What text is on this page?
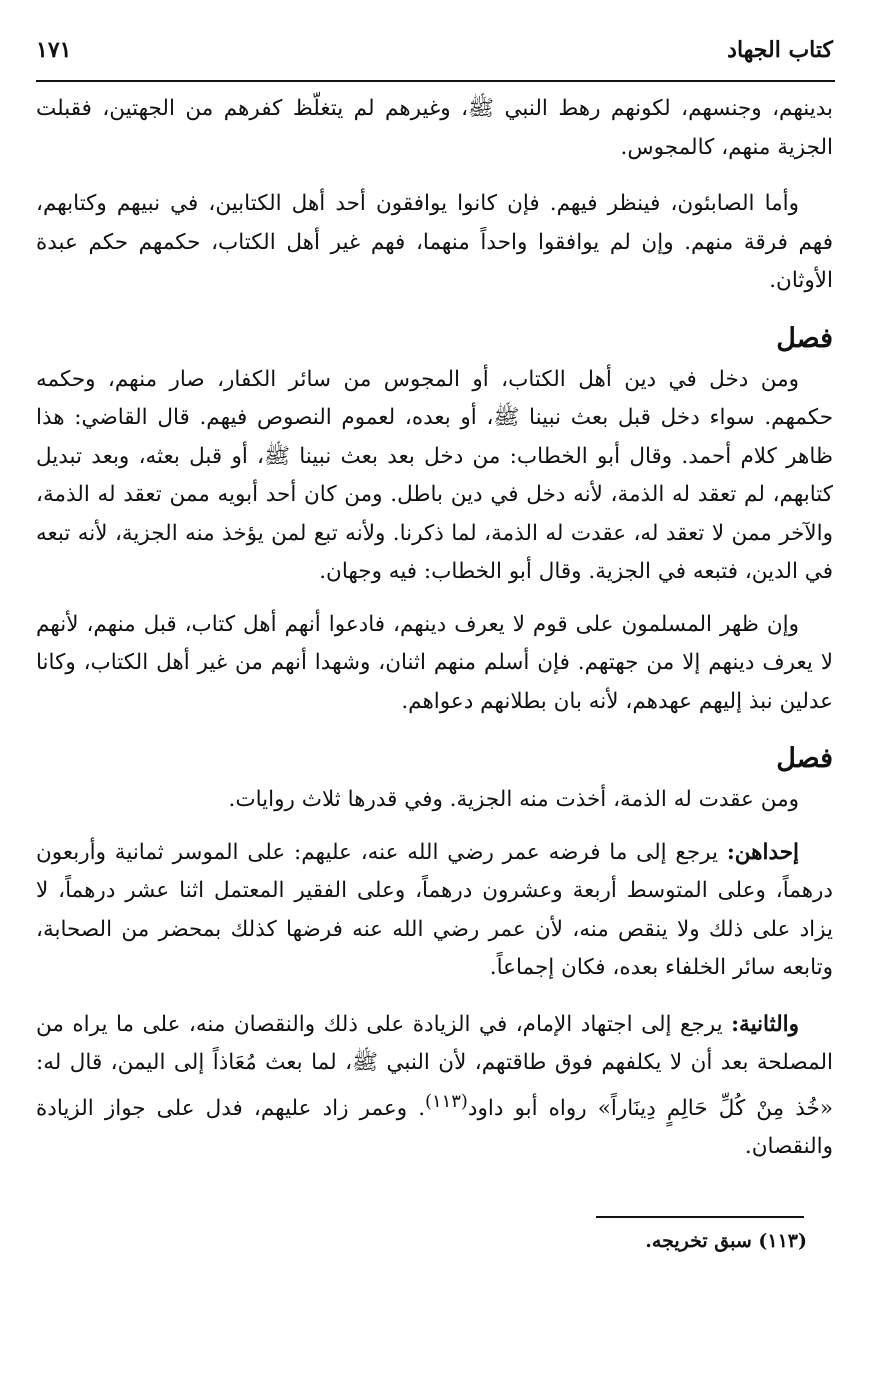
١٧١	كتاب الجهاد

بدينهم، وجنسهم، لكونهم رهط النبي ﷺ، وغيرهم لم يتغلّظ كفرهم من الجهتين، فقبلت الجزية منهم، كالمجوس.

وأما الصابئون، فينظر فيهم. فإن كانوا يوافقون أحد أهل الكتابين، في نبيهم وكتابهم، فهم فرقة منهم. وإن لم يوافقوا واحداً منهما، فهم غير أهل الكتاب، حكمهم حكم عبدة الأوثان.

فصل

ومن دخل في دين أهل الكتاب، أو المجوس من سائر الكفار، صار منهم، وحكمه حكمهم. سواء دخل قبل بعث نبينا ﷺ، أو بعده، لعموم النصوص فيهم. قال القاضي: هذا ظاهر كلام أحمد. وقال أبو الخطاب: من دخل بعد بعث نبينا ﷺ، أو قبل بعثه، وبعد تبديل كتابهم، لم تعقد له الذمة، لأنه دخل في دين باطل. ومن كان أحد أبويه ممن تعقد له الذمة، والآخر ممن لا تعقد له، عقدت له الذمة، لما ذكرنا. ولأنه تبع لمن يؤخذ منه الجزية، لأنه تبعه في الدين، فتبعه في الجزية. وقال أبو الخطاب: فيه وجهان.

وإن ظهر المسلمون على قوم لا يعرف دينهم، فادعوا أنهم أهل كتاب، قبل منهم، لأنهم لا يعرف دينهم إلا من جهتهم. فإن أسلم منهم اثنان، وشهدا أنهم من غير أهل الكتاب، وكانا عدلين نبذ إليهم عهدهم، لأنه بان بطلانهم دعواهم.

فصل

ومن عقدت له الذمة، أخذت منه الجزية. وفي قدرها ثلاث روايات.

إحداهن: يرجع إلى ما فرضه عمر رضي الله عنه، عليهم: على الموسر ثمانية وأربعون درهماً، وعلى المتوسط أربعة وعشرون درهماً، وعلى الفقير المعتمل اثنا عشر درهماً، لا يزاد على ذلك ولا ينقص منه، لأن عمر رضي الله عنه فرضها كذلك بمحضر من الصحابة، وتابعه سائر الخلفاء بعده، فكان إجماعاً.

والثانية: يرجع إلى اجتهاد الإمام، في الزيادة على ذلك والنقصان منه، على ما يراه من المصلحة بعد أن لا يكلفهم فوق طاقتهم، لأن النبي ﷺ، لما بعث مُعَاذاً إلى اليمن، قال له: «خُذ مِنْ كُلِّ حَالِمٍ دِينَاراً» رواه أبو داود$^{(١١٣)}$. وعمر زاد عليهم، فدل على جواز الزيادة والنقصان.

(١١٣) سبق تخريجه.
